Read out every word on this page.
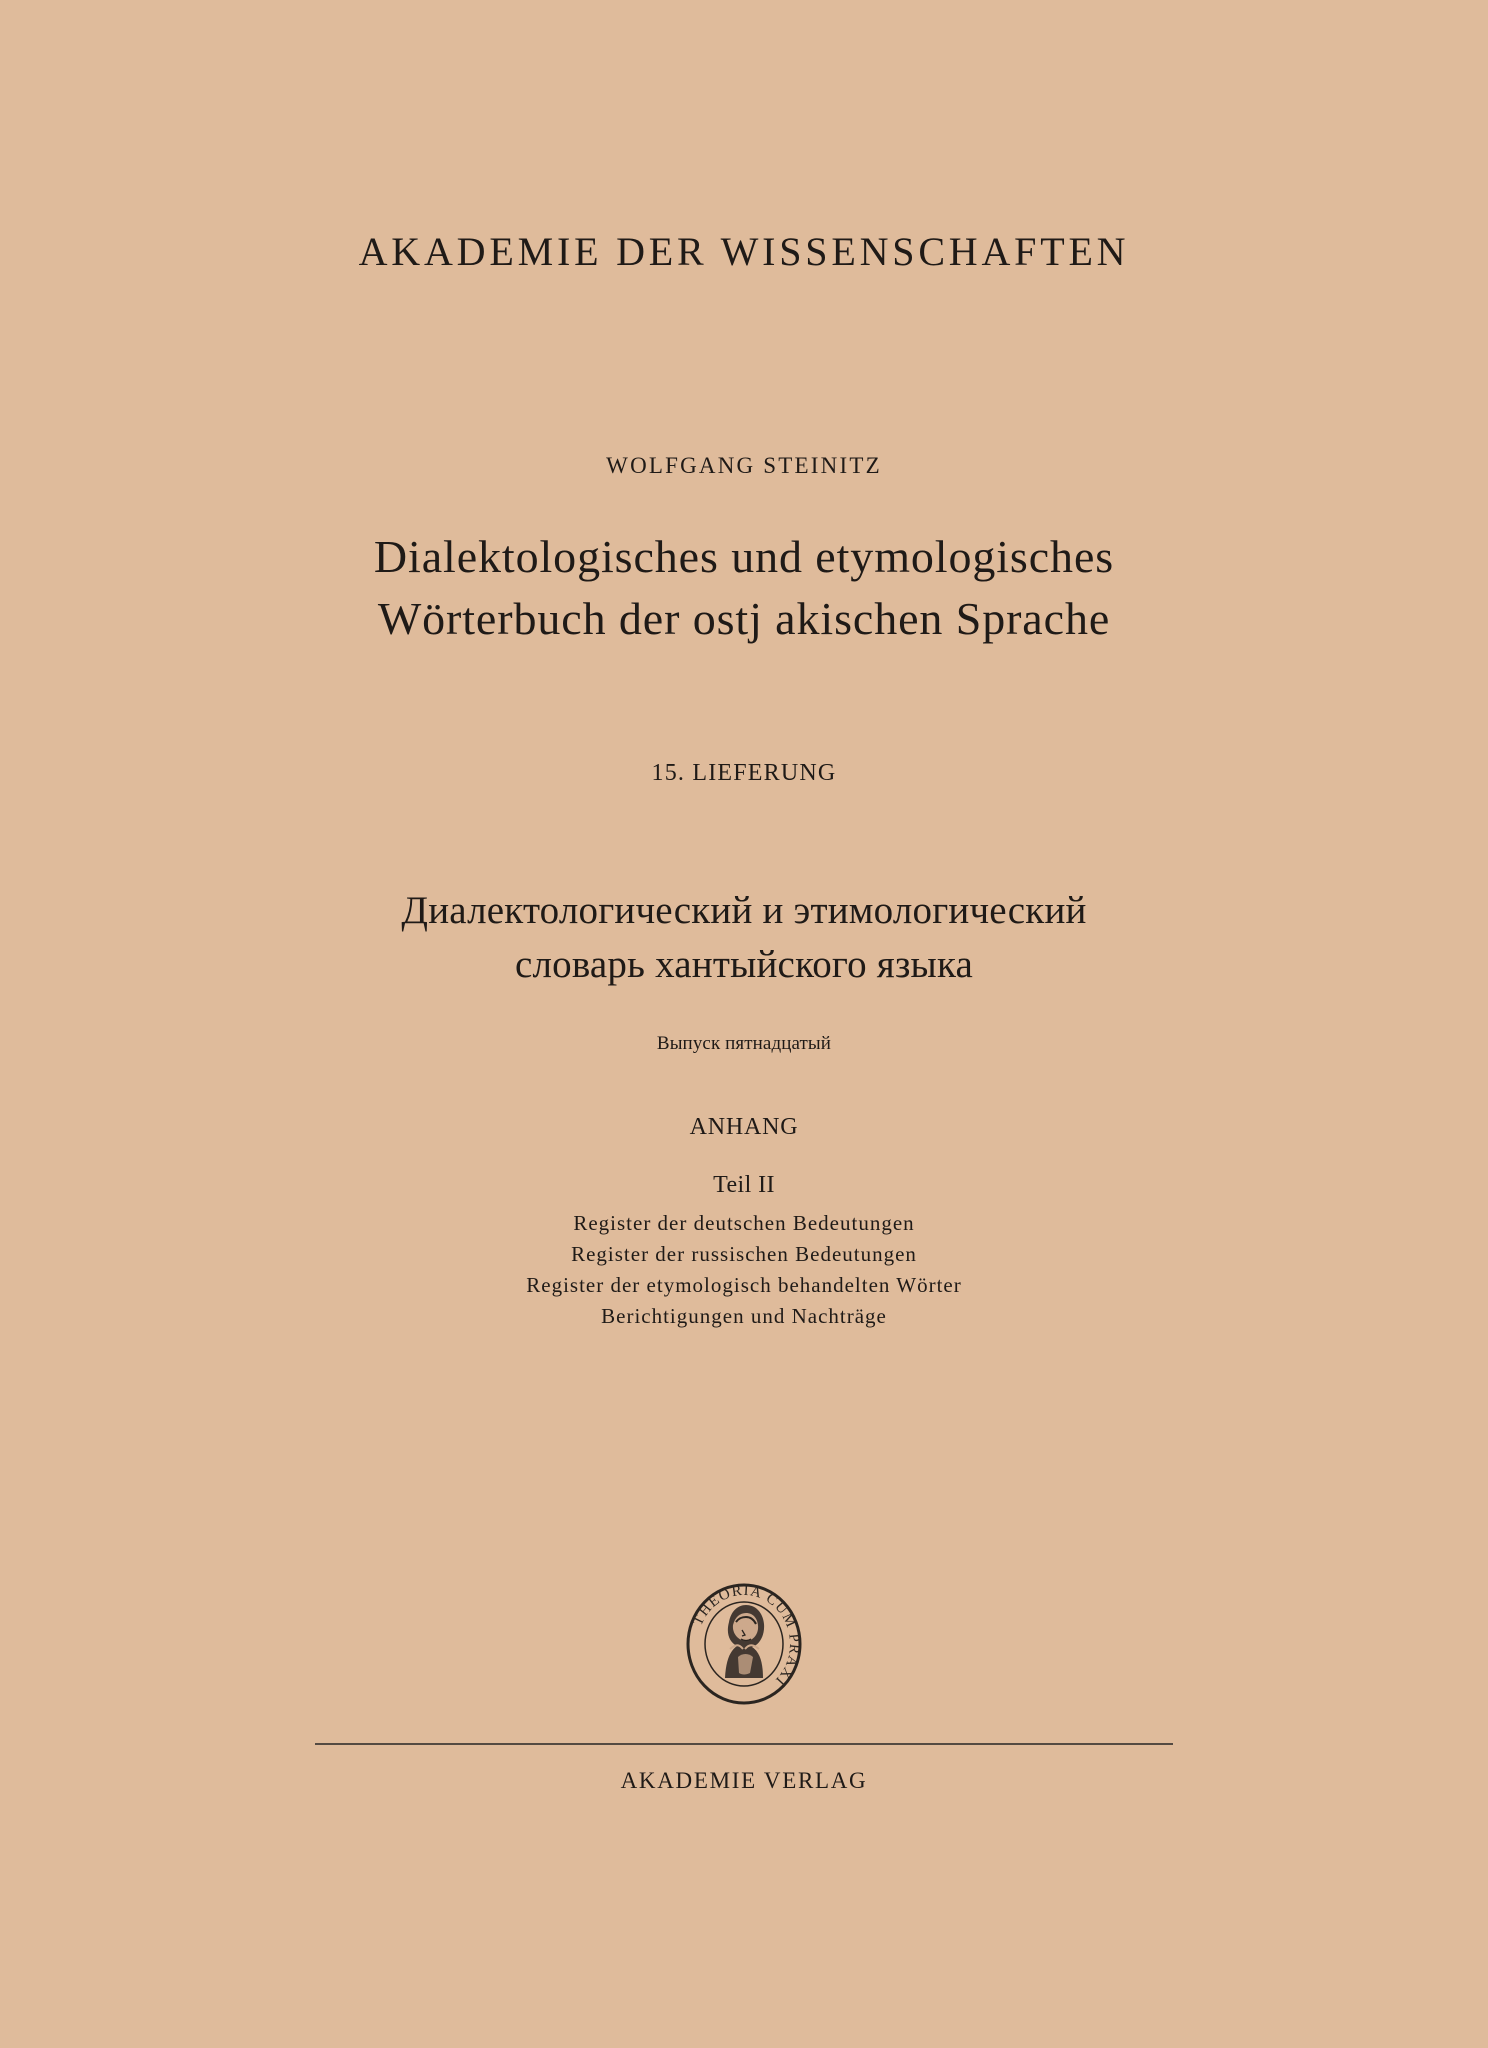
AKADEMIE DER WISSENSCHAFTEN
WOLFGANG STEINITZ
Dialektologisches und etymologisches
Wörterbuch der ostj akischen Sprache
15. LIEFERUNG
Диалектологический и этимологический
словарь хантыйского языка
Выпуск пятнадцатый
ANHANG
Teil II
Register der deutschen Bedeutungen
Register der russischen Bedeutungen
Register der etymologisch behandelten Wörter
Berichtigungen und Nachträge
THEORIA CUM PRAXI
AKADEMIE VERLAG
